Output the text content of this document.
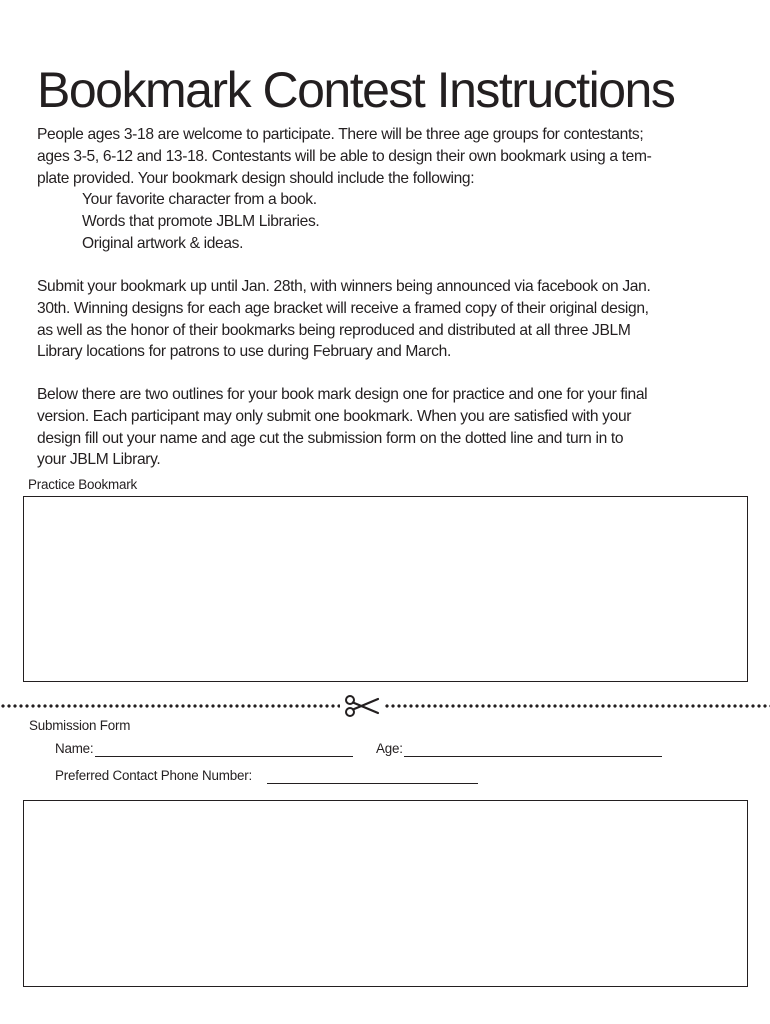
Bookmark Contest Instructions
People ages 3-18 are welcome to participate. There will be three age groups for contestants;
ages 3-5, 6-12 and 13-18. Contestants will be able to design their own bookmark using a tem-
plate provided. Your bookmark design should include the following:
Your favorite character from a book.
Words that promote JBLM Libraries.
Original artwork & ideas.
Submit your bookmark up until Jan. 28th, with winners being announced via facebook on Jan.
30th. Winning designs for each age bracket will receive a framed copy of their original design,
as well as the honor of their bookmarks being reproduced and distributed at all three JBLM
Library locations for patrons to use during February and March.
Below there are two outlines for your book mark design one for practice and one for your final
version. Each participant may only submit one bookmark. When you are satisfied with your
design fill out your name and age cut the submission form on the dotted line and turn in to
your JBLM Library.
Practice Bookmark
Submission Form
Name:	Age:
Preferred Contact Phone Number:
